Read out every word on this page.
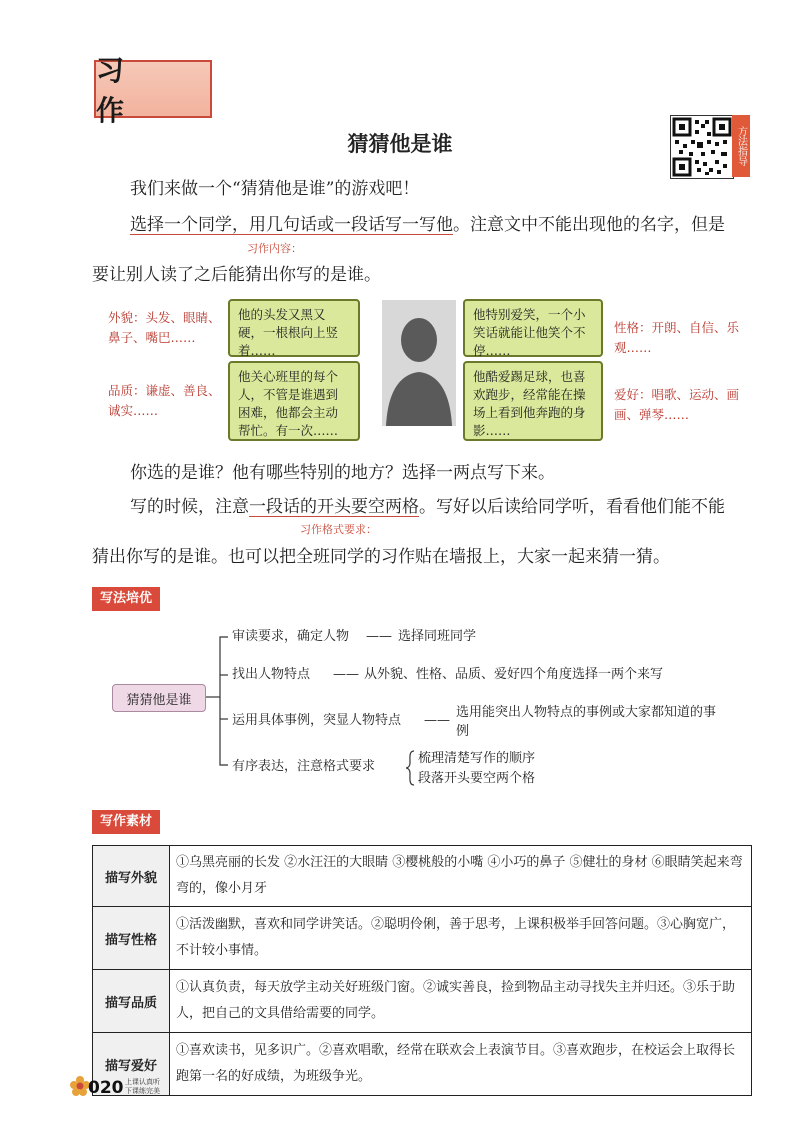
习 作
猜猜他是谁	方法指导
我们来做一个“猜猜他是谁”的游戏吧！
选择一个同学，用几句话或一段话写一写他。注意文中不能出现他的名字，但是
习作内容：
要让别人读了之后能猜出你写的是谁。
外貌：头发、眼睛、鼻子、嘴巴……
他的头发又黑又硬，一根根向上竖着……
品质：谦虚、善良、诚实……
他关心班里的每个人，不管是谁遇到困难，他都会主动帮忙。有一次……
他特别爱笑，一个小笑话就能让他笑个不停……
性格：开朗、自信、乐观……
他酷爱踢足球，也喜欢跑步，经常能在操场上看到他奔跑的身影……
爱好：唱歌、运动、画画、弹琴……
你选的是谁？他有哪些特别的地方？选择一两点写下来。
写的时候，注意一段话的开头要空两格。写好以后读给同学听，看看他们能不能
习作格式要求：
猜出你写的是谁。也可以把全班同学的习作贴在墙报上，大家一起来猜一猜。
写法培优
猜猜他是谁
审读要求，确定人物 —— 选择同班同学
找出人物特点 —— 从外貌、性格、品质、爱好四个角度选择一两个来写
运用具体事例，突显人物特点 ——
选用能突出人物特点的事例或大家都知道的事例
有序表达，注意格式要求
梳理清楚写作的顺序
段落开头要空两个格
写作素材
描写外貌	①乌黑亮丽的长发 ②水汪汪的大眼睛 ③樱桃般的小嘴 ④小巧的鼻子 ⑤健壮的身材 ⑥眼睛笑起来弯弯的，像小月牙
描写性格	①活泼幽默，喜欢和同学讲笑话。②聪明伶俐，善于思考，上课积极举手回答问题。③心胸宽广，不计较小事情。
描写品质	①认真负责，每天放学主动关好班级门窗。②诚实善良，捡到物品主动寻找失主并归还。③乐于助人，把自己的文具借给需要的同学。
描写爱好	①喜欢读书，见多识广。②喜欢唱歌，经常在联欢会上表演节目。③喜欢跑步，在校运会上取得长跑第一名的好成绩，为班级争光。
020 上课认真听
下课练完美
